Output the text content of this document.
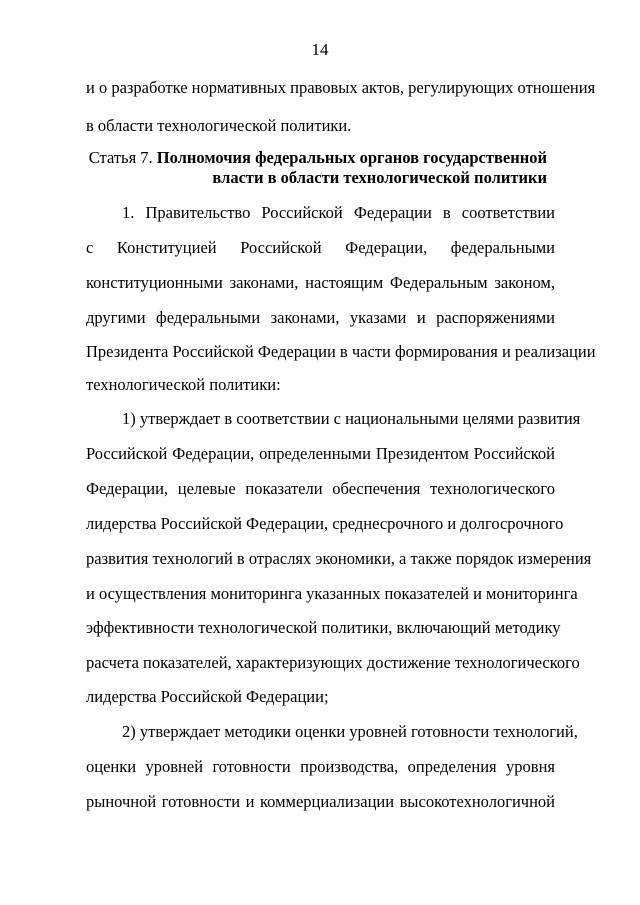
14
и о разработке нормативных правовых актов, регулирующих отношения
в области технологической политики.
Статья 7. Полномочия федеральных органов государственной
власти в области технологической политики
1. Правительство Российской Федерации в соответствии
с Конституцией Российской Федерации, федеральными
конституционными законами, настоящим Федеральным законом,
другими федеральными законами, указами и распоряжениями
Президента Российской Федерации в части формирования и реализации
технологической политики:
1) утверждает в соответствии с национальными целями развития
Российской Федерации, определенными Президентом Российской
Федерации, целевые показатели обеспечения технологического
лидерства Российской Федерации, среднесрочного и долгосрочного
развития технологий в отраслях экономики, а также порядок измерения
и осуществления мониторинга указанных показателей и мониторинга
эффективности технологической политики, включающий методику
расчета показателей, характеризующих достижение технологического
лидерства Российской Федерации;
2) утверждает методики оценки уровней готовности технологий,
оценки уровней готовности производства, определения уровня
рыночной готовности и коммерциализации высокотехнологичной
